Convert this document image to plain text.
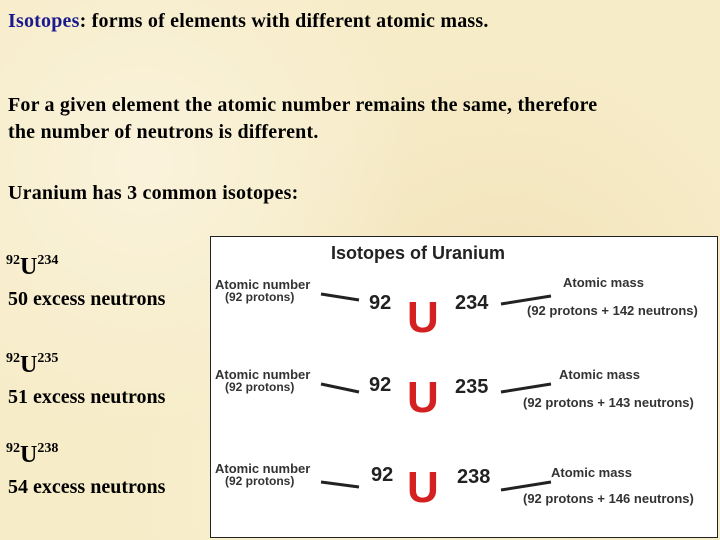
Isotopes: forms of elements with different atomic mass.
For a given element the atomic number remains the same, therefore
the number of neutrons is different.
Uranium has 3 common isotopes:
92U234
50 excess neutrons
92U235
51 excess neutrons
92U238
54 excess neutrons
Isotopes of Uranium
Atomic number
(92 protons)	92 U 234
Atomic mass
(92 protons + 142 neutrons)
Atomic number
(92 protons)	92 U 235
Atomic mass
(92 protons + 143 neutrons)
Atomic number
(92 protons)	92 U 238	Atomic mass
(92 protons + 146 neutrons)
